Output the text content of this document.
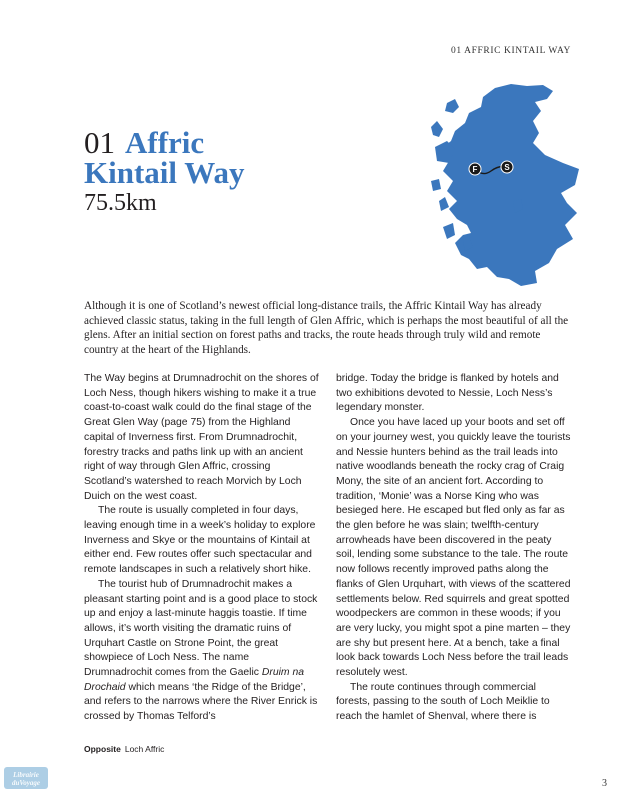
01 AFFRIC KINTAIL WAY
01 Affric
Kintail Way
75.5km
F	S
Although it is one of Scotland’s newest official long-distance trails, the Affric Kintail Way has already achieved classic status, taking in the full length of Glen Affric, which is perhaps the most beautiful of all the glens. After an initial section on forest paths and tracks, the route heads through truly wild and remote country at the heart of the Highlands.

The Way begins at Drumnadrochit on the shores of Loch Ness, though hikers wishing to make it a true coast-to-coast walk could do the final stage of the Great Glen Way (page 75) from the Highland capital of Inverness first. From Drumnadrochit, forestry tracks and paths link up with an ancient right of way through Glen Affric, crossing Scotland’s watershed to reach Morvich by Loch Duich on the west coast.

The route is usually completed in four days, leaving enough time in a week’s holiday to explore Inverness and Skye or the mountains of Kintail at either end. Few routes offer such spectacular and remote landscapes in such a relatively short hike.

The tourist hub of Drumnadrochit makes a pleasant starting point and is a good place to stock up and enjoy a last-minute haggis toastie. If time allows, it’s worth visiting the dramatic ruins of Urquhart Castle on Strone Point, the great showpiece of Loch Ness. The name Drumnadrochit comes from the Gaelic Druim na Drochaid which means ‘the Ridge of the Bridge’, and refers to the narrows where the River Enrick is crossed by Thomas Telford’s

bridge. Today the bridge is flanked by hotels and two exhibitions devoted to Nessie, Loch Ness’s legendary monster.

Once you have laced up your boots and set off on your journey west, you quickly leave the tourists and Nessie hunters behind as the trail leads into native woodlands beneath the rocky crag of Craig Mony, the site of an ancient fort. According to tradition, ‘Monie’ was a Norse King who was besieged here. He escaped but fled only as far as the glen before he was slain; twelfth-century arrowheads have been discovered in the peaty soil, lending some substance to the tale. The route now follows recently improved paths along the flanks of Glen Urquhart, with views of the scattered settlements below. Red squirrels and great spotted woodpeckers are common in these woods; if you are very lucky, you might spot a pine marten – they are shy but present here. At a bench, take a final look back towards Loch Ness before the trail leads resolutely west.

The route continues through commercial forests, passing to the south of Loch Meiklie to reach the hamlet of Shenval, where there is

Opposite Loch Affric
Librairie
duVoyage	3
